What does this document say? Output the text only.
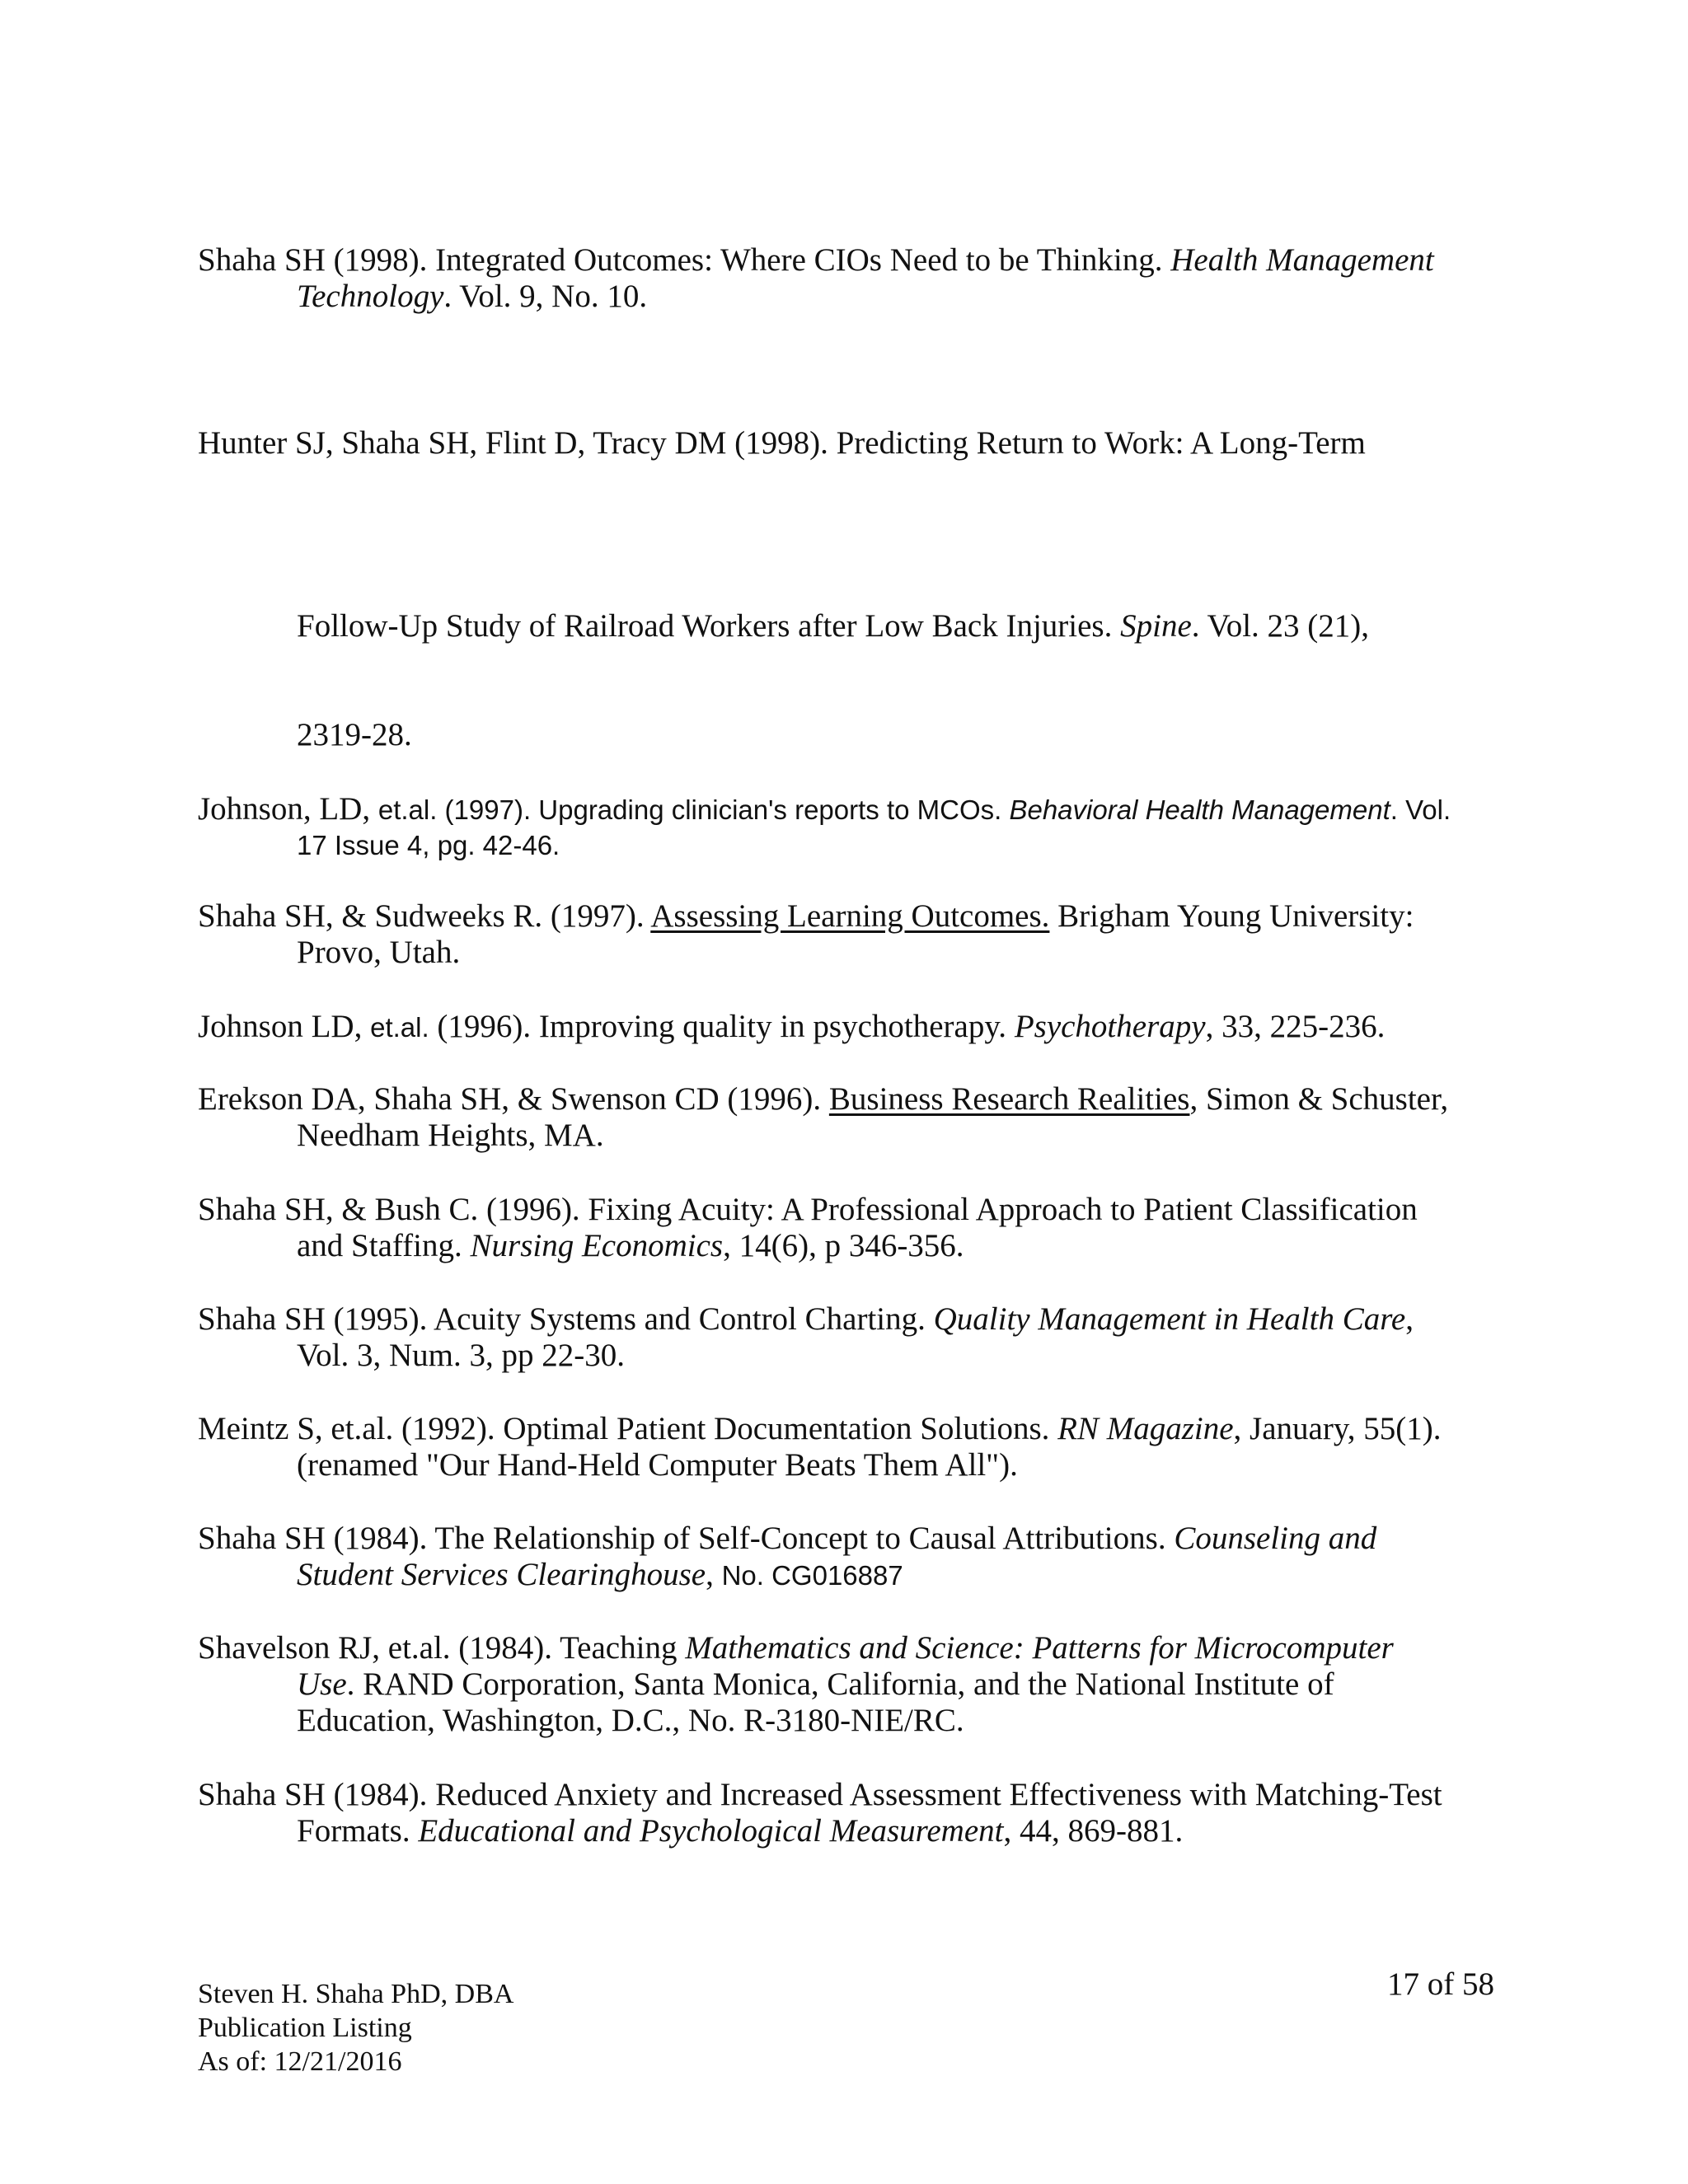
Shaha SH (1998). Integrated Outcomes: Where CIOs Need to be Thinking. Health Management

Technology. Vol. 9, No. 10.

Hunter SJ, Shaha SH, Flint D, Tracy DM (1998). Predicting Return to Work: A Long-Term

Follow-Up Study of Railroad Workers after Low Back Injuries. Spine. Vol. 23 (21),

2319-28.

Johnson, LD, et.al. (1997). Upgrading clinician's reports to MCOs. Behavioral Health Management. Vol.

17 Issue 4, pg. 42-46.

Shaha SH, & Sudweeks R. (1997). Assessing Learning Outcomes. Brigham Young University:

Provo, Utah.

Johnson LD, et.al. (1996). Improving quality in psychotherapy. Psychotherapy, 33, 225-236.

Erekson DA, Shaha SH, & Swenson CD (1996). Business Research Realities, Simon & Schuster,

Needham Heights, MA.

Shaha SH, & Bush C. (1996). Fixing Acuity: A Professional Approach to Patient Classification

and Staffing. Nursing Economics, 14(6), p 346-356.

Shaha SH (1995). Acuity Systems and Control Charting. Quality Management in Health Care,

Vol. 3, Num. 3, pp 22-30.

Meintz S, et.al. (1992). Optimal Patient Documentation Solutions. RN Magazine, January, 55(1).

(renamed "Our Hand-Held Computer Beats Them All").

Shaha SH (1984). The Relationship of Self-Concept to Causal Attributions. Counseling and

Student Services Clearinghouse, No. CG016887

Shavelson RJ, et.al. (1984). Teaching Mathematics and Science: Patterns for Microcomputer

Use. RAND Corporation, Santa Monica, California, and the National Institute of

Education, Washington, D.C., No. R-3180-NIE/RC.

Shaha SH (1984). Reduced Anxiety and Increased Assessment Effectiveness with Matching-Test

Formats. Educational and Psychological Measurement, 44, 869-881.

17 of 58

Steven H. Shaha PhD, DBA

Publication Listing

As of: 12/21/2016
